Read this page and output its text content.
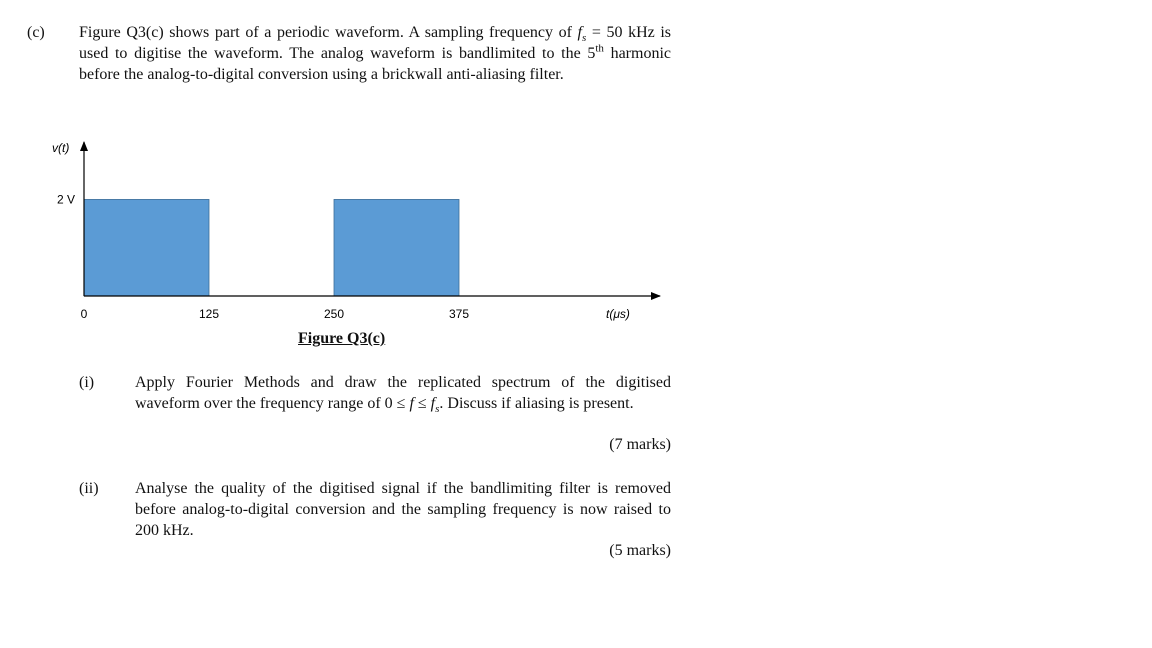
(c) Figure Q3(c) shows part of a periodic waveform. A sampling frequency of $f_s = 50$ kHz is used to digitise the waveform. The analog waveform is bandlimited to the 5th harmonic before the analog-to-digital conversion using a brickwall anti-aliasing filter.
v(t)
2 V
0	125	250	375	t(μs)
Figure Q3(c)
(i)	Apply Fourier Methods and draw the replicated spectrum of the digitised waveform over the frequency range of $0 \le f \le f_s$. Discuss if aliasing is present.
(7 marks)
(ii) Analyse the quality of the digitised signal if the bandlimiting filter is removed before analog-to-digital conversion and the sampling frequency is now raised to 200 kHz.
(5 marks)
